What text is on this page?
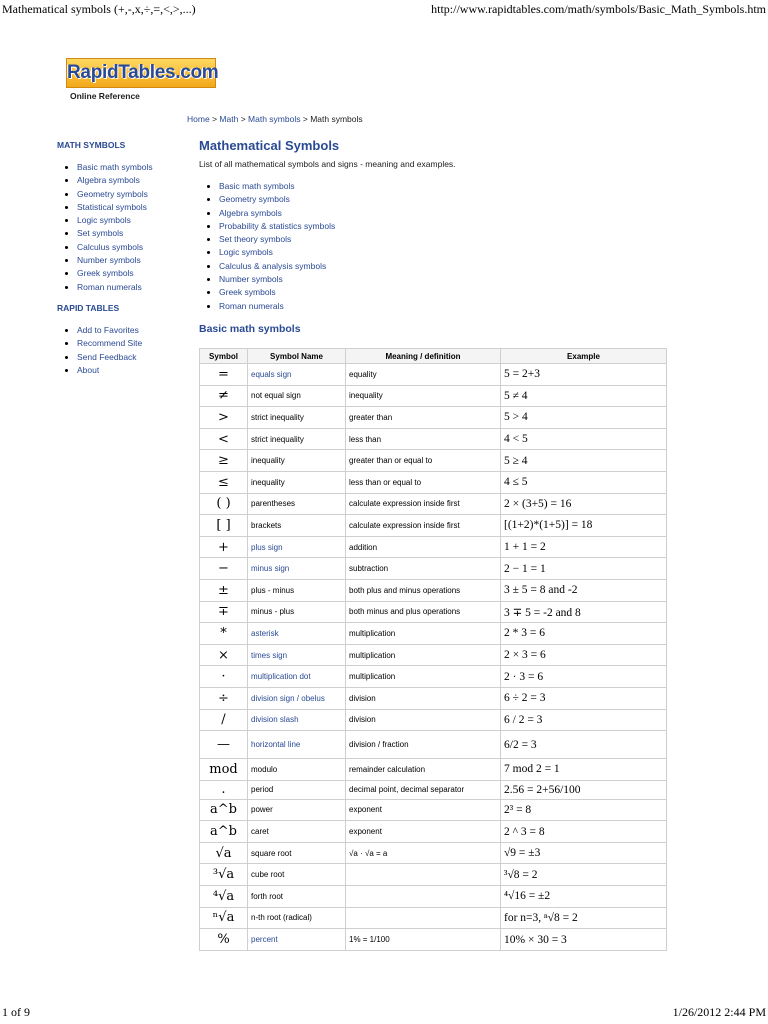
Mathematical symbols (+,-,x,÷,=,<,>,...)	http://www.rapidtables.com/math/symbols/Basic_Math_Symbols.htm
RapidTables.com
Online Reference
Home > Math > Math symbols > Math symbols
MATH SYMBOLS
• Basic math symbols
• Algebra symbols
• Geometry symbols
• Statistical symbols
• Logic symbols
• Set symbols
• Calculus symbols
• Number symbols
• Greek symbols
• Roman numerals
RAPID TABLES
• Add to Favorites
• Recommend Site
• Send Feedback
• About
Mathematical Symbols
List of all mathematical symbols and signs - meaning and examples.
• Basic math symbols
• Geometry symbols
• Algebra symbols
• Probability & statistics symbols
• Set theory symbols
• Logic symbols
• Calculus & analysis symbols
• Number symbols
• Greek symbols
• Roman numerals
Basic math symbols
Symbol	Symbol Name	Meaning / definition	Example
=	equals sign	equality	5 = 2+3
≠	not equal sign	inequality	5 ≠ 4
>	strict inequality	greater than	5 > 4
<	strict inequality	less than	4 < 5
≥	inequality	greater than or equal to	5 ≥ 4
≤	inequality	less than or equal to	4 ≤ 5
( )	parentheses	calculate expression inside first	2 × (3+5) = 16
[ ]	brackets	calculate expression inside first	[(1+2)*(1+5)] = 18
+	plus sign	addition	1 + 1 = 2
−	minus sign	subtraction	2 − 1 = 1
±	plus - minus	both plus and minus operations	3 ± 5 = 8 and -2
∓	minus - plus	both minus and plus operations	3 ∓ 5 = -2 and 8
*	asterisk	multiplication	2 * 3 = 6
×	times sign	multiplication	2 × 3 = 6
·	multiplication dot	multiplication	2 · 3 = 6
÷	division sign / obelus	division	6 ÷ 2 = 3
/	division slash	division	6 / 2 = 3
—	horizontal line	division / fraction	6/2 = 3
mod	modulo	remainder calculation	7 mod 2 = 1
.	period	decimal point, decimal separator	2.56 = 2+56/100
a^b	power	exponent	2³ = 8
a^b	caret	exponent	2 ^ 3 = 8
√a	square root	√a · √a = a	√9 = ±3
³√a	cube root		³√8 = 2
⁴√a	forth root		⁴√16 = ±2
ⁿ√a	n-th root (radical)		for n=3, ⁿ√8 = 2
%	percent	1% = 1/100	10% × 30 = 3
1 of 9	1/26/2012 2:44 PM
